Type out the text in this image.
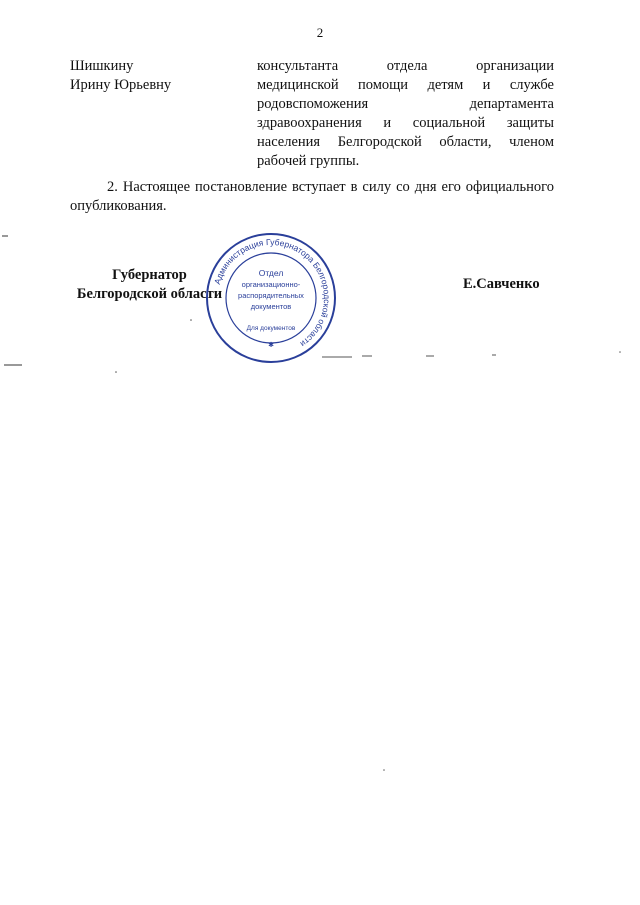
2
Шишкину
Ирину Юрьевну
консультанта отдела организации
медицинской помощи детям и службе
родовспоможения департамента
здравоохранения и социальной защиты
населения Белгородской области, членом
рабочей группы.
2. Настоящее постановление вступает в силу со дня его официального
опубликования.
Губернатор
Белгородской области
Е.Савченко
Администрация Губернатора Белгородской области
Отдел
организационно-
распорядительных
документов
Для документов
✱
